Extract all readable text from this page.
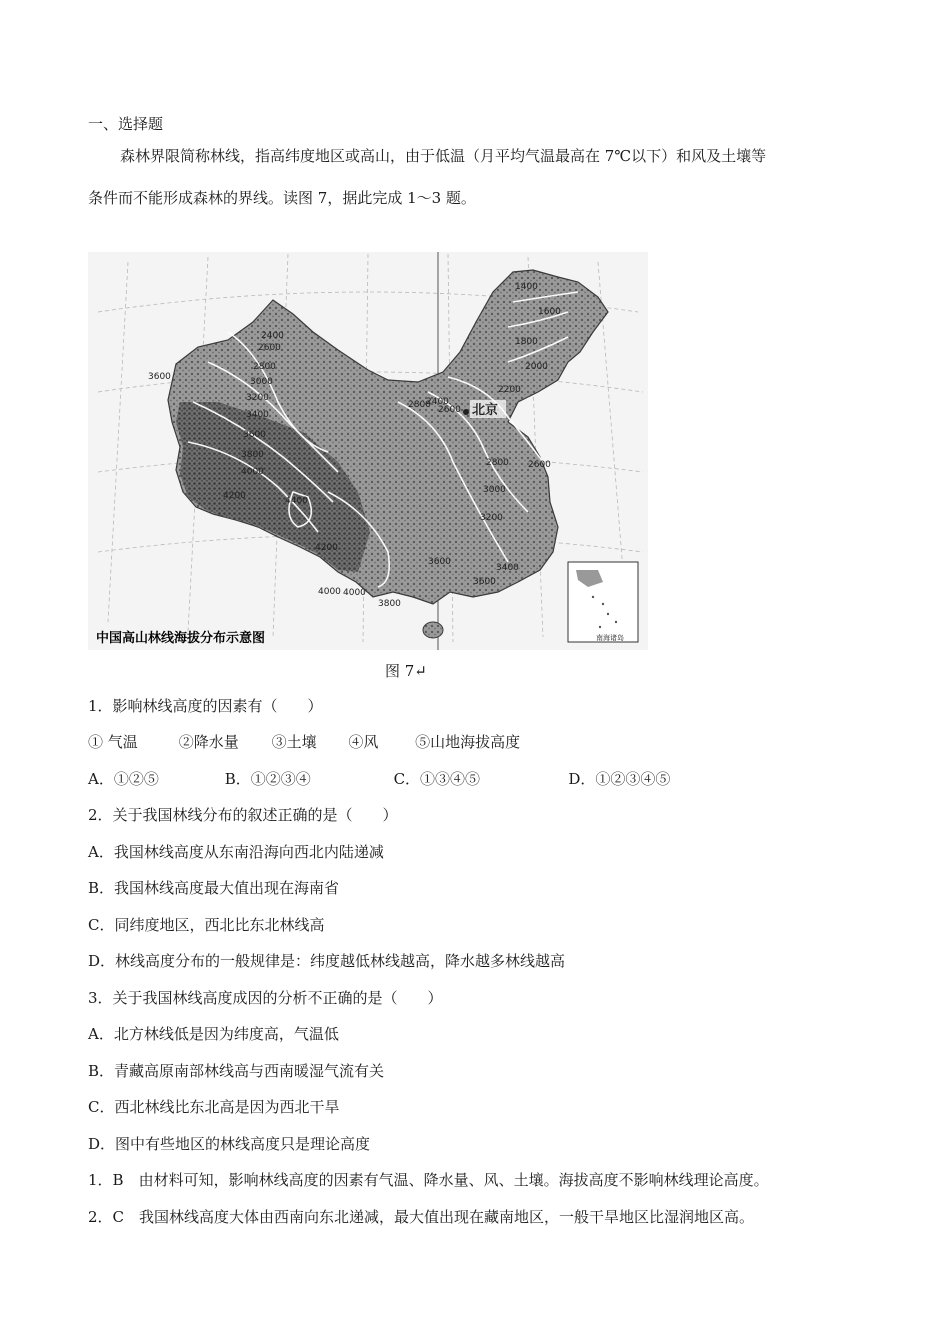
一、选择题
森林界限简称林线，指高纬度地区或高山，由于低温（月平均气温最高在 7℃以下）和风及土壤等
条件而不能形成森林的界线。读图 7，据此完成 1～3 题。
1400
1600
1800
2000
2200
2400
2600
2800
3000
3200
3400
3600
3800
4000
4200	4400
2400
2600
2800
3000
3200
3400
3600
4000
4200
2800 2600
3600
4000
3800
3600
北京
南海诸岛
中国高山林线海拔分布示意图
图 7↵
1．影响林线高度的因素有（　　）
① 气温	②降水量 ③土壤 ④风 ⑤山地海拔高度
A．①②⑤	B．①②③④	C．①③④⑤	D．①②③④⑤
2．关于我国林线分布的叙述正确的是（　　）
A．我国林线高度从东南沿海向西北内陆递减
B．我国林线高度最大值出现在海南省
C．同纬度地区，西北比东北林线高
D．林线高度分布的一般规律是：纬度越低林线越高，降水越多林线越高
3．关于我国林线高度成因的分析不正确的是（　　）
A．北方林线低是因为纬度高，气温低
B．青藏高原南部林线高与西南暖湿气流有关
C．西北林线比东北高是因为西北干旱
D．图中有些地区的林线高度只是理论高度
1．B　由材料可知，影响林线高度的因素有气温、降水量、风、土壤。海拔高度不影响林线理论高度。
2．C　我国林线高度大体由西南向东北递减，最大值出现在藏南地区，一般干旱地区比湿润地区高。
